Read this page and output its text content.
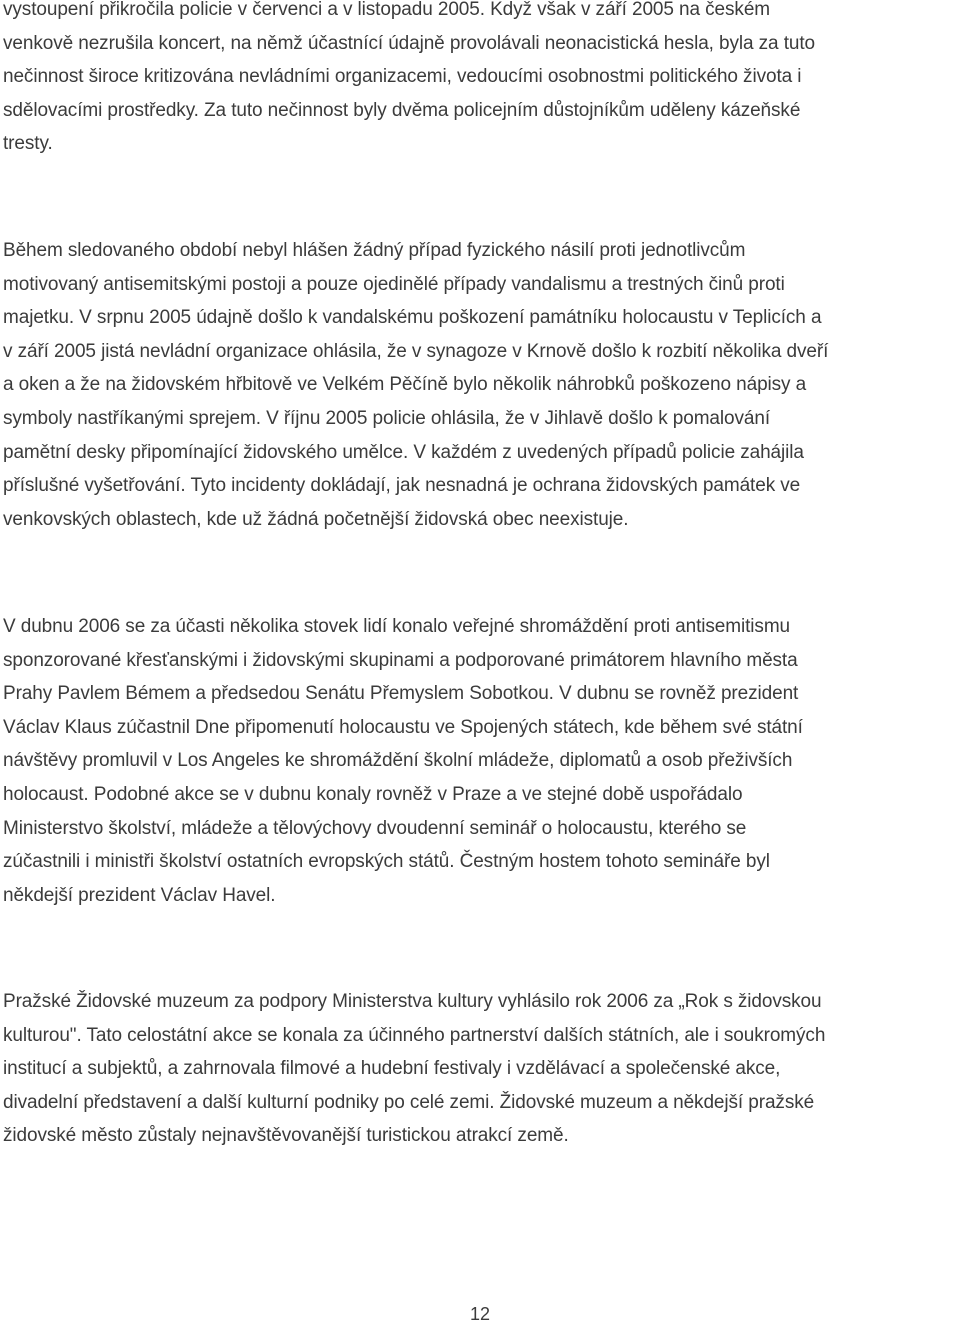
vystoupení přikročila policie v červenci a v listopadu 2005. Když však v září 2005 na českém
venkově nezrušila koncert, na němž účastnící údajně provolávali neonacistická hesla, byla za tuto
nečinnost široce kritizována nevládními organizacemi, vedoucími osobnostmi politického života i
sdělovacími prostředky. Za tuto nečinnost byly dvěma policejním důstojníkům uděleny kázeňské
tresty.

Během sledovaného období nebyl hlášen žádný případ fyzického násilí proti jednotlivcům
motivovaný antisemitskými postoji a pouze ojedinělé případy vandalismu a trestných činů proti
majetku. V srpnu 2005 údajně došlo k vandalskému poškození památníku holocaustu v Teplicích a
v září 2005 jistá nevládní organizace ohlásila, že v synagoze v Krnově došlo k rozbití několika dveří
a oken a že na židovském hřbitově ve Velkém Pěčíně bylo několik náhrobků poškozeno nápisy a
symboly nastříkanými sprejem. V říjnu 2005 policie ohlásila, že v Jihlavě došlo k pomalování
pamětní desky připomínající židovského umělce. V každém z uvedených případů policie zahájila
příslušné vyšetřování. Tyto incidenty dokládají, jak nesnadná je ochrana židovských památek ve
venkovských oblastech, kde už žádná početnější židovská obec neexistuje.

V dubnu 2006 se za účasti několika stovek lidí konalo veřejné shromáždění proti antisemitismu
sponzorované křesťanskými i židovskými skupinami a podporované primátorem hlavního města
Prahy Pavlem Bémem a předsedou Senátu Přemyslem Sobotkou. V dubnu se rovněž prezident
Václav Klaus zúčastnil Dne připomenutí holocaustu ve Spojených státech, kde během své státní
návštěvy promluvil v Los Angeles ke shromáždění školní mládeže, diplomatů a osob přeživších
holocaust. Podobné akce se v dubnu konaly rovněž v Praze a ve stejné době uspořádalo
Ministerstvo školství, mládeže a tělovýchovy dvoudenní seminář o holocaustu, kterého se
zúčastnili i ministři školství ostatních evropských států. Čestným hostem tohoto semináře byl
někdejší prezident Václav Havel.

Pražské Židovské muzeum za podpory Ministerstva kultury vyhlásilo rok 2006 za „Rok s židovskou
kulturou". Tato celostátní akce se konala za účinného partnerství dalších státních, ale i soukromých
institucí a subjektů, a zahrnovala filmové a hudební festivaly i vzdělávací a společenské akce,
divadelní představení a další kulturní podniky po celé zemi. Židovské muzeum a někdejší pražské
židovské město zůstaly nejnavštěvovanější turistickou atrakcí země.

12
